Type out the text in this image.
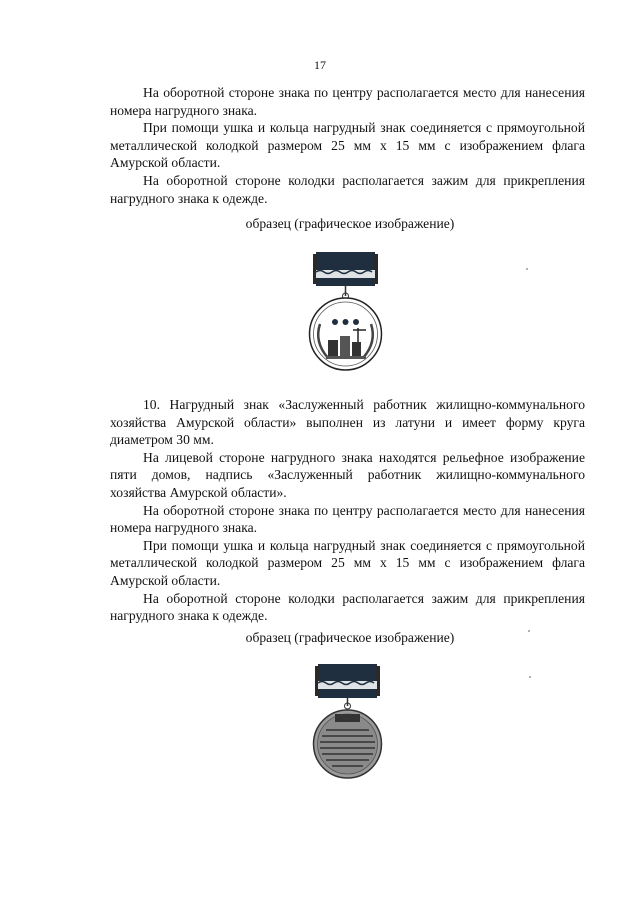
17

На оборотной стороне знака по центру располагается место для нанесения номера нагрудного знака.

При помощи ушка и кольца нагрудный знак соединяется с прямоугольной металлической колодкой размером 25 мм х 15 мм с изображением флага Амурской области.

На оборотной стороне колодки располагается зажим для прикрепления нагрудного знака к одежде.

образец (графическое изображение)

10. Нагрудный знак «Заслуженный работник жилищно-коммунального хозяйства Амурской области» выполнен из латуни и имеет форму круга диаметром 30 мм.

На лицевой стороне нагрудного знака находятся рельефное изображение пяти домов, надпись «Заслуженный работник жилищно-коммунального хозяйства Амурской области».

На оборотной стороне знака по центру располагается место для нанесения номера нагрудного знака.

При помощи ушка и кольца нагрудный знак соединяется с прямоугольной металлической колодкой размером 25 мм х 15 мм с изображением флага Амурской области.

На оборотной стороне колодки располагается зажим для прикрепления нагрудного знака к одежде.

образец (графическое изображение)
